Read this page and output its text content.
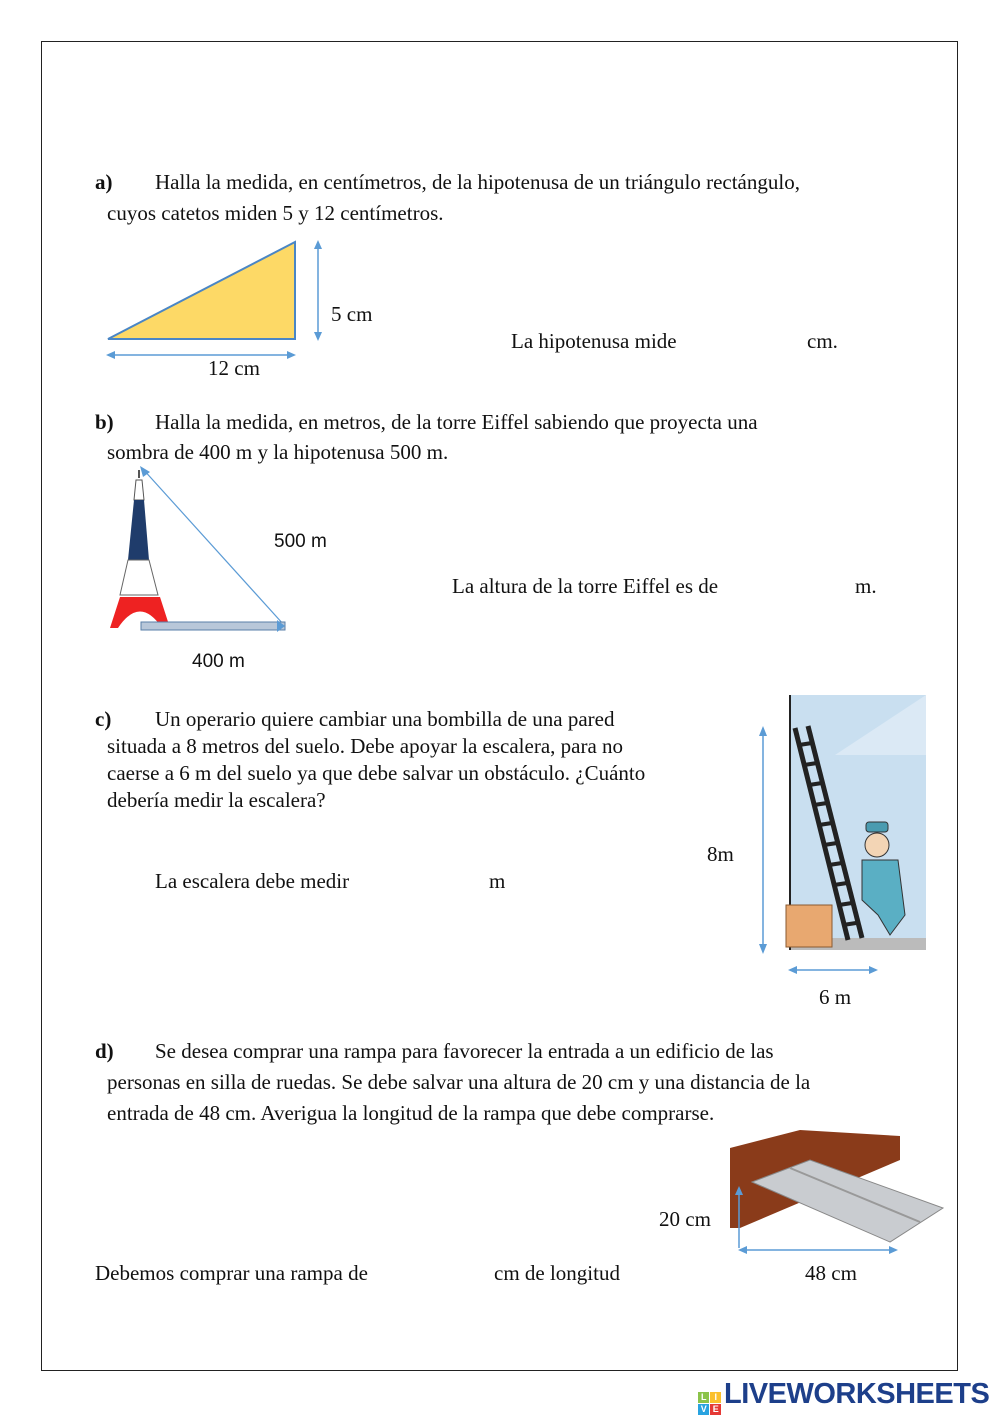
a) Halla la medida, en centímetros, de la hipotenusa de un triángulo rectángulo,
cuyos catetos miden 5 y 12 centímetros.
5 cm
12 cm
La hipotenusa mide	cm.
b) Halla la medida, en metros, de la torre Eiffel sabiendo que proyecta una
sombra de 400 m y la hipotenusa 500 m.
500 m
400 m
La altura de la torre Eiffel es de	m.
c) Un operario quiere cambiar una bombilla de una pared
situada a 8 metros del suelo. Debe apoyar la escalera, para no
caerse a 6 m del suelo ya que debe salvar un obstáculo. ¿Cuánto
debería medir la escalera?
La escalera debe medir	m
8m
6 m
d) Se desea comprar una rampa para favorecer la entrada a un edificio de las
personas en silla de ruedas. Se debe salvar una altura de 20 cm y una distancia de la
entrada de 48 cm. Averigua la longitud de la rampa que debe comprarse.
20 cm
48 cm
Debemos comprar una rampa de	cm de longitud
L I
V E LIVEWORKSHEETS
